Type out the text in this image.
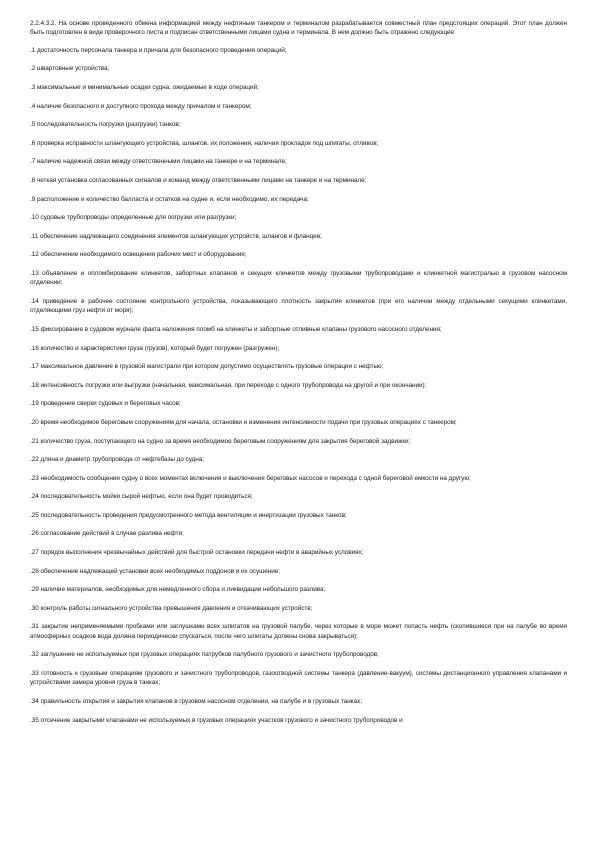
2.2.4.3.2. На основе проведенного обмена информацией между нефтяным танкером и терминалом разрабатывается совместный план предстоящих операций. Этот план должен быть подготовлен в виде проверочного листа и подписан ответственными лицами судна и терминала. В нем должно быть отражено следующее:

.1 достаточность персонала танкера и причала для безопасного проведения операций;
.2 швартовные устройства;
.3 максимальные и минимальные осадки судна, ожидаемые в ходе операций;
.4 наличие безопасного и доступного прохода между причалом и танкером;
.5 последовательность погрузки (разгрузки) танков;
.6 проверка исправности шлангующего устройства, шлангов, их положения, наличия прокладок под шпигаты, отливов;
.7 наличие надежной связи между ответственными лицами на танкере и на терминале;
.8 четкая установка согласованных сигналов и команд между ответственными лицами на танкере и на терминале;
.9 расположение и количество балласта и остатков на судне и, если необходимо, их передача;
.10 судовые трубопроводы определенные для погрузки или разгрузки;
.11 обеспечение надлежащего соединения элементов шлангующих устройств, шлангов и фланцев;
.12 обеспечение необходимого освещения рабочих мест и оборудования;
.13 объявление и опломбирование клинкетов, забортных клапанов и секущих клинкетов между грузовыми трубопроводами и клинкетной магистралью в грузовом насосном отделении;
.14 приведение в рабочее состояние контрольного устройства, показывающего плотность закрытия клинкетов (при его наличии между отдельными секущими клинкетами, отделяющими груз нефти от моря);
.15 фиксирование в судовом журнале факта наложения пломб на клинкеты и забортные отливные клапаны грузового насосного отделения;
.16 количество и характеристики груза (грузов), который будет погружен (разгружен);
.17 максимальное давление в грузовой магистрали при котором допустимо осуществлять грузовые операции с нефтью;
.18 интенсивность погрузки или выгрузки (начальная, максимальная, при переходе с одного трубопровода на другой и при окончании);
.19 проведение сверки судовых и береговых часов;
.20 время необходимое береговым сооружениям для начала, остановки и изменения интенсивности подачи при грузовых операциях с танкером;
.21 количество груза, поступающего на судно за время необходимое береговым сооружениям для закрытия береговой задвижки;
.22 длина и диаметр трубопровода от нефтебазы до судна;
.23 необходимость сообщения судну о всех моментах включения и выключения береговых насосов и перехода с одной береговой емкости на другую;
.24 последовательность мойки сырой нефтью, если она будет проводиться;
.25 последовательность проведения предусмотренного метода вентиляции и инертизации грузовых танков;
.26 согласование действий в случае разлива нефти;
.27 порядок выполнения чрезвычайных действий для быстрой остановки передачи нефти в аварийных условиях;
.28 обеспечение надлежащей установки всех необходимых поддонов и их осушение;
.29 наличие материалов, необходимых для немедленного сбора и ликвидации небольшого разлива;
.30 контроль работы сигнального устройства превышения давления и откачивающих устройств;
.31 закрытие неприменяемыми пробками или заглушками всех шпигатов на грузовой палубе, через которые в море может попасть нефть (скопившиеся при на палубе во время атмосферных осадков вода должна периодически спускаться, после чего шпигаты должны снова закрываться);
.32 заглушение не используемых при грузовых операциях патрубков палубного грузового и зачистного трубопроводов;
.33 готовность к грузовым операциям грузового и зачистного трубопроводов, газоотводной системы танкера (давление-вакуум), системы дистанционного управления клапанами и устройствами замера уровня груза в танках;
.34 правильность открытия и закрытия клапанов в грузовом насосном отделении, на палубе и в грузовых танках;
.35 отсечение закрытыми клапанами не используемых в грузовых операциях участков грузового и зачистного трубопроводов и
